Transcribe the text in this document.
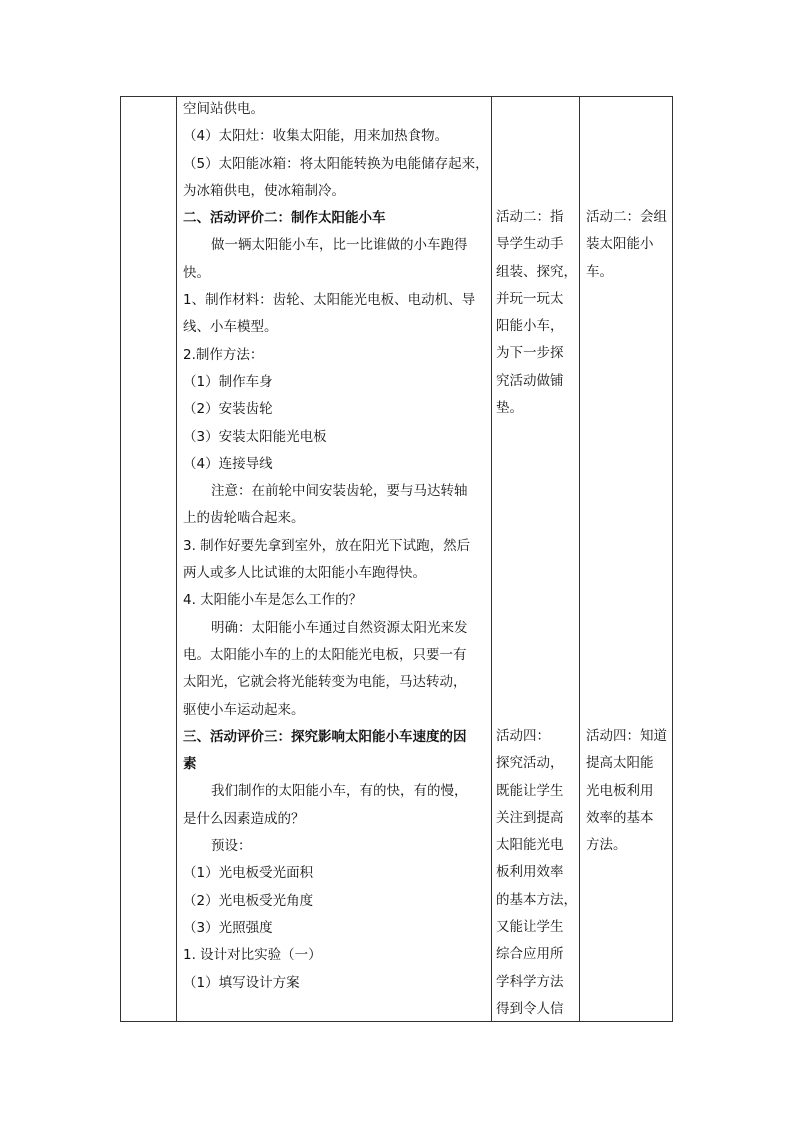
空间站供电。

（4）太阳灶：收集太阳能，用来加热食物。

（5）太阳能冰箱：将太阳能转换为电能储存起来，

为冰箱供电，使冰箱制冷。

二、活动评价二：制作太阳能小车

做一辆太阳能小车，比一比谁做的小车跑得

快。

1、制作材料：齿轮、太阳能光电板、电动机、导

线、小车模型。

2.制作方法：

（1）制作车身

（2）安装齿轮

（3）安装太阳能光电板

（4）连接导线

注意：在前轮中间安装齿轮，要与马达转轴

上的齿轮啮合起来。

3. 制作好要先拿到室外，放在阳光下试跑，然后

两人或多人比试谁的太阳能小车跑得快。

4. 太阳能小车是怎么工作的？

明确：太阳能小车通过自然资源太阳光来发

电。太阳能小车的上的太阳能光电板，只要一有

太阳光，它就会将光能转变为电能，马达转动，

驱使小车运动起来。

三、活动评价三：探究影响太阳能小车速度的因

素

我们制作的太阳能小车，有的快，有的慢，

是什么因素造成的？

预设：

（1）光电板受光面积

（2）光电板受光角度

（3）光照强度

1. 设计对比实验（一）

（1）填写设计方案

活动二：指

导学生动手

组装、探究，

并玩一玩太

阳能小车，

为下一步探

究活动做铺

垫。

活动四：

探究活动，

既能让学生

关注到提高

太阳能光电

板利用效率

的基本方法，

又能让学生

综合应用所

学科学方法

得到令人信

活动二：会组

装太阳能小

车。

活动四：知道

提高太阳能

光电板利用

效率的基本

方法。
